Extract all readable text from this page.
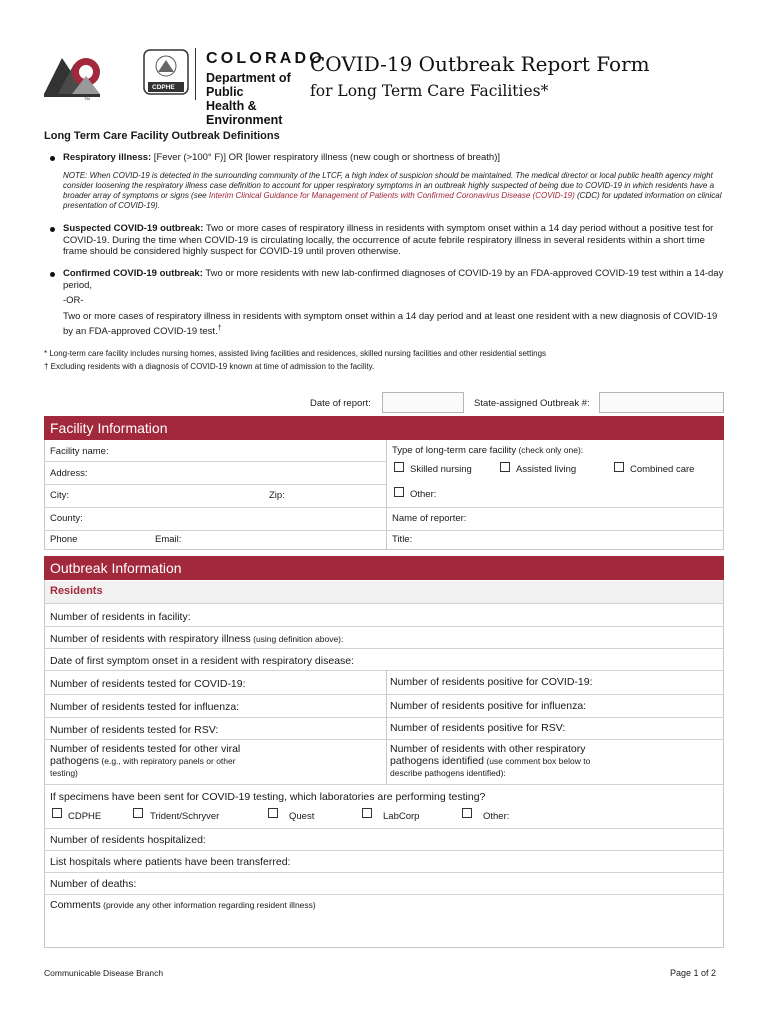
TM
CDPHE
COLORADO
Department of Public
Health & Environment
COVID-19 Outbreak Report Form
for Long Term Care Facilities*
Long Term Care Facility Outbreak Definitions
Respiratory illness: [Fever (>100° F)] OR [lower respiratory illness (new cough or shortness of breath)]
NOTE: When COVID-19 is detected in the surrounding community of the LTCF, a high index of suspicion should be maintained. The medical director or local public health agency might consider loosening the respiratory illness case definition to account for upper respiratory symptoms in an outbreak highly suspected of being due to COVID-19 in which residents have a broader array of symptoms or signs (see Interim Clinical Guidance for Management of Patients with Confirmed Coronavirus Disease (COVID-19) (CDC) for updated information on clinical presentation of COVID-19).
Suspected COVID-19 outbreak: Two or more cases of respiratory illness in residents with symptom onset within a 14 day period without a positive test for COVID-19. During the time when COVID-19 is circulating locally, the occurrence of acute febrile respiratory illness in several residents within a short time frame should be considered highly suspect for COVID-19 until proven otherwise.
Confirmed COVID-19 outbreak: Two or more residents with new lab-confirmed diagnoses of COVID-19 by an FDA-approved COVID-19 test within a 14-day period,
-OR-
Two or more cases of respiratory illness in residents with symptom onset within a 14 day period and at least one resident with a new diagnosis of COVID-19 by an FDA-approved COVID-19 test.†
* Long-term care facility includes nursing homes, assisted living facilities and residences, skilled nursing facilities and other residential settings
† Excluding residents with a diagnosis of COVID-19 known at time of admission to the facility.
Date of report:	State-assigned Outbreak #:
Facility Information
Facility name:
Address:
City:	Zip:
County:
Phone	Email:
Type of long-term care facility (check only one):
Skilled nursing	Assisted living	Combined care
Other:
Name of reporter:
Title:
Outbreak Information
Residents
Number of residents in facility:
Number of residents with respiratory illness (using definition above):
Date of first symptom onset in a resident with respiratory disease:
Number of residents tested for COVID-19:	Number of residents positive for COVID-19:
Number of residents tested for influenza:	Number of residents positive for influenza:
Number of residents tested for RSV:	Number of residents positive for RSV:
Number of residents tested for other viral
pathogens (e.g., with repiratory panels or other
testing)
Number of residents with other respiratory
pathogens identified (use comment box below to
describe pathogens identified):
If specimens have been sent for COVID-19 testing, which laboratories are performing testing?
CDPHE	Trident/Schryver	Quest	LabCorp	Other:
Number of residents hospitalized:
List hospitals where patients have been transferred:
Number of deaths:
Comments (provide any other information regarding resident illness)
Communicable Disease Branch	Page 1 of 2
